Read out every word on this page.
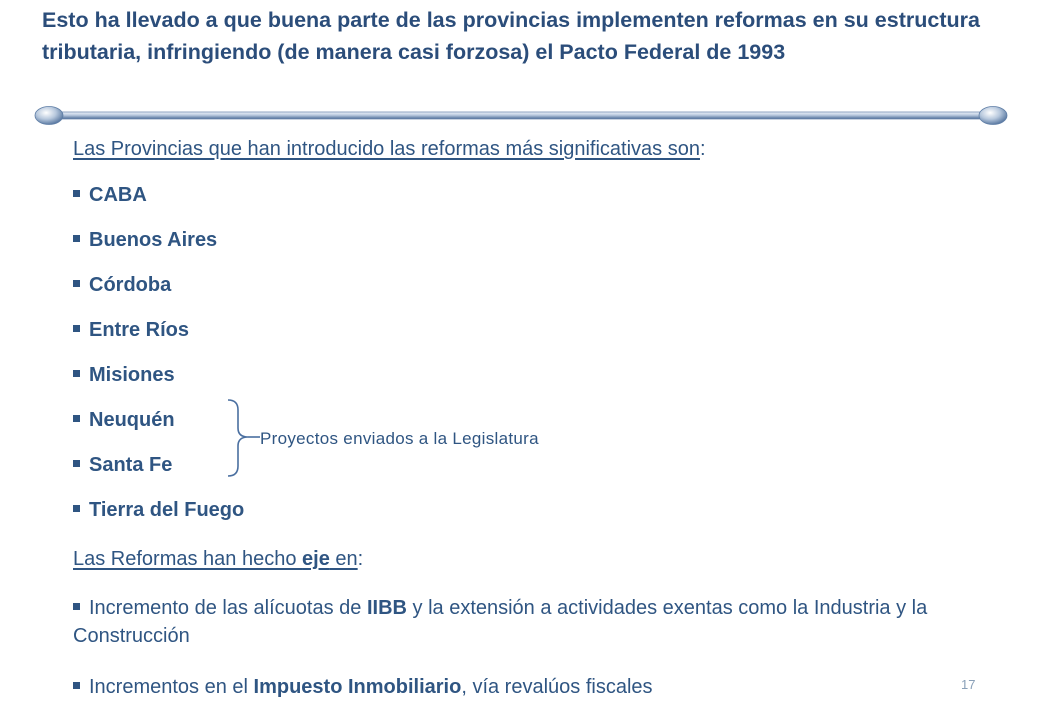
Esto ha llevado a que buena parte de las provincias implementen reformas en su estructura tributaria, infringiendo (de manera casi forzosa) el Pacto Federal de 1993
Las Provincias que han introducido las reformas más significativas son:
CABA
Buenos Aires
Córdoba
Entre Ríos
Misiones
Neuquén
Santa Fe
Tierra del Fuego
Las Reformas han hecho eje en:
Proyectos enviados a la Legislatura
Incremento de las alícuotas de IIBB y la extensión a actividades exentas como la Industria y la Construcción
Incrementos en el Impuesto Inmobiliario, vía revalúos fiscales	17
